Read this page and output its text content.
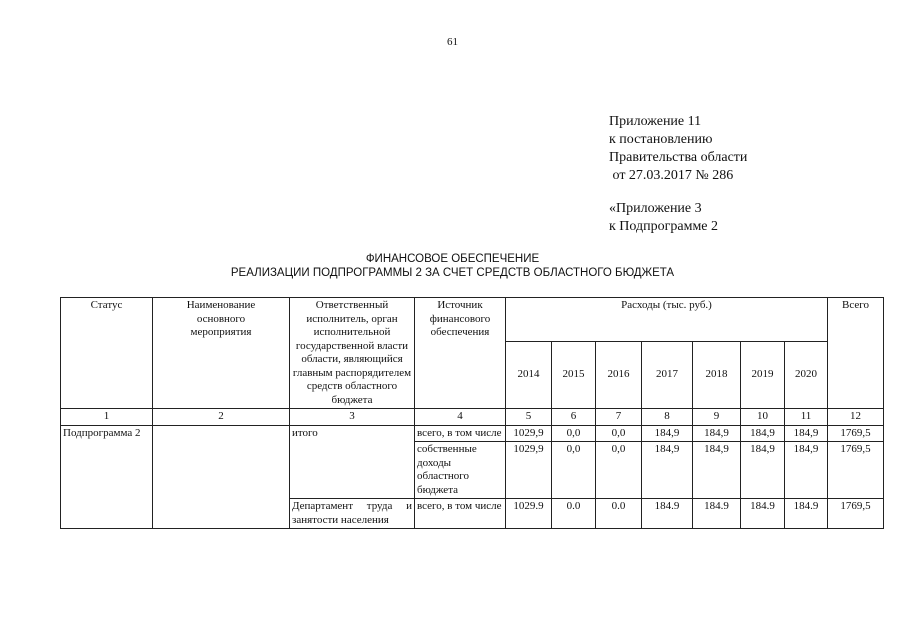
61
Приложение 11
к постановлению
Правительства области
от 27.03.2017 № 286
«Приложение 3
к Подпрограмме 2
ФИНАНСОВОЕ ОБЕСПЕЧЕНИЕ
РЕАЛИЗАЦИИ ПОДПРОГРАММЫ 2 ЗА СЧЕТ СРЕДСТВ ОБЛАСТНОГО БЮДЖЕТА
Статус	Наименование основного мероприятия	Ответственный исполнитель, орган исполнительной государственной власти области, являющийся главным распорядителем средств областного бюджета	Источник финансового обеспечения	Расходы (тыс. руб.)							Всего
				2014	2015	2016	2017	2018	2019	2020	
1	2	3	4	5	6	7	8	9	10	11	12
Подпрограмма 2		итого	всего, в том числе	1029,9	0,0	0,0	184,9	184,9	184,9	184,9	1769,5
			собственные доходы областного бюджета	1029,9	0,0	0,0	184,9	184,9	184,9	184,9	1769,5
		Департамент труда и занятости населения	всего, в том числе	1029.9	0.0	0.0	184.9	184.9	184.9	184.9	1769,5
